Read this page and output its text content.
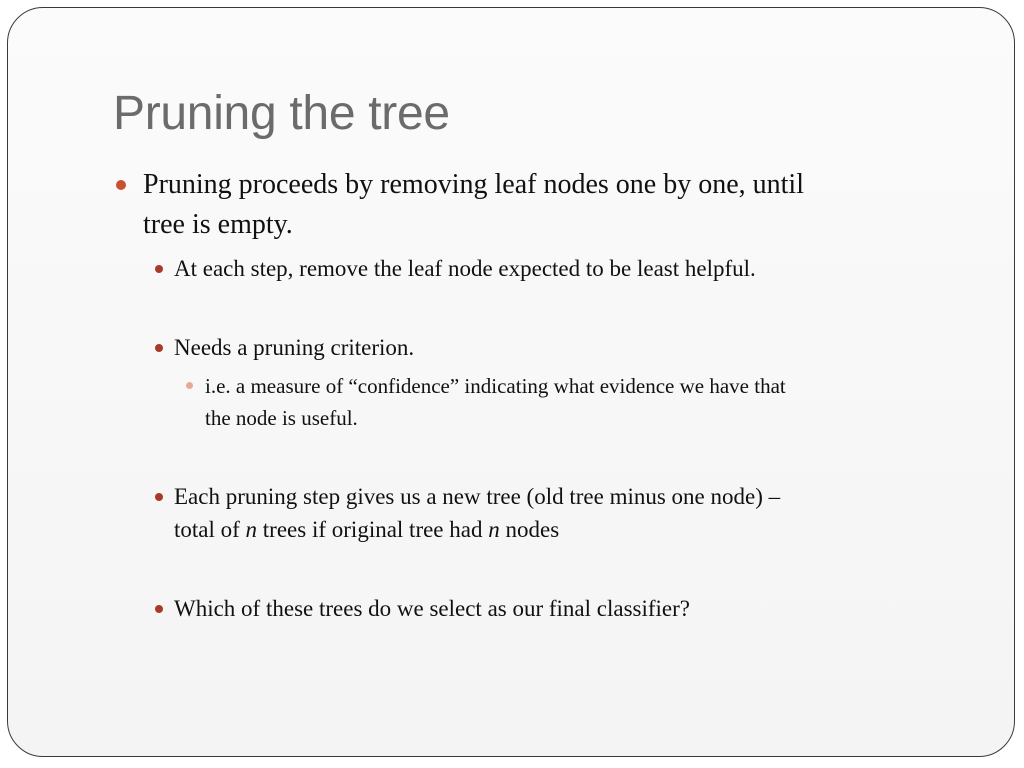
Pruning the tree
Pruning proceeds by removing leaf nodes one by one, until
tree is empty.
At each step, remove the leaf node expected to be least helpful.
Needs a pruning criterion.
i.e. a measure of “confidence” indicating what evidence we have that
the node is useful.
Each pruning step gives us a new tree (old tree minus one node) –
total of n trees if original tree had n nodes
Which of these trees do we select as our final classifier?
